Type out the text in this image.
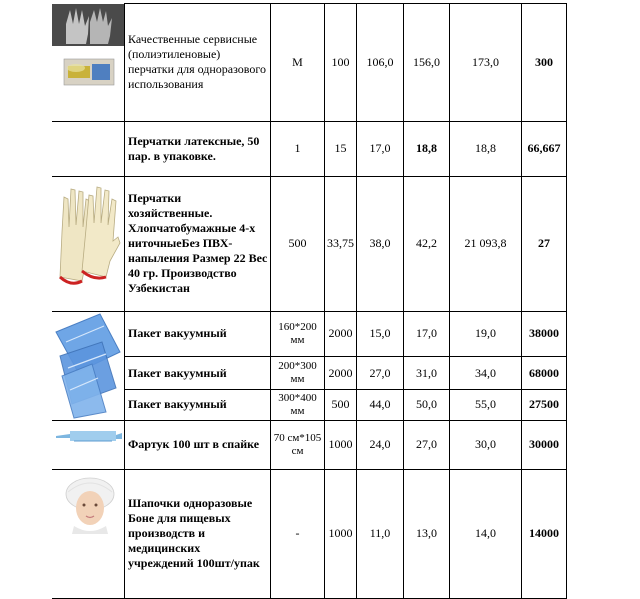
	Качественные сервисные (полиэтиленовые) перчатки для одноразового использования	М	100	106,0	156,0	173,0	300
	Перчатки латексные, 50 пар. в упаковке.	1	15	17,0	18,8	18,8	66,667

	Перчатки хозяйственные. Хлопчатобумажные 4-х ниточныеБез ПВХ-напыления Размер 22 Вес 40 гр. Производство Узбекистан	500	33,75	38,0	42,2	21 093,8	27

	Пакет вакуумный	160*200 мм	2000	15,0	17,0	19,0	38000
	Пакет вакуумный	200*300 мм	2000	27,0	31,0	34,0	68000
	Пакет вакуумный	300*400 мм	500	44,0	50,0	55,0	27500

	Фартук 100 шт в спайке	70 см*105 см	1000	24,0	27,0	30,0	30000

	Шапочки одноразовые Боне для пищевых производств и медицинских учреждений 100шт/упак	-	1000	11,0	13,0	14,0	14000
